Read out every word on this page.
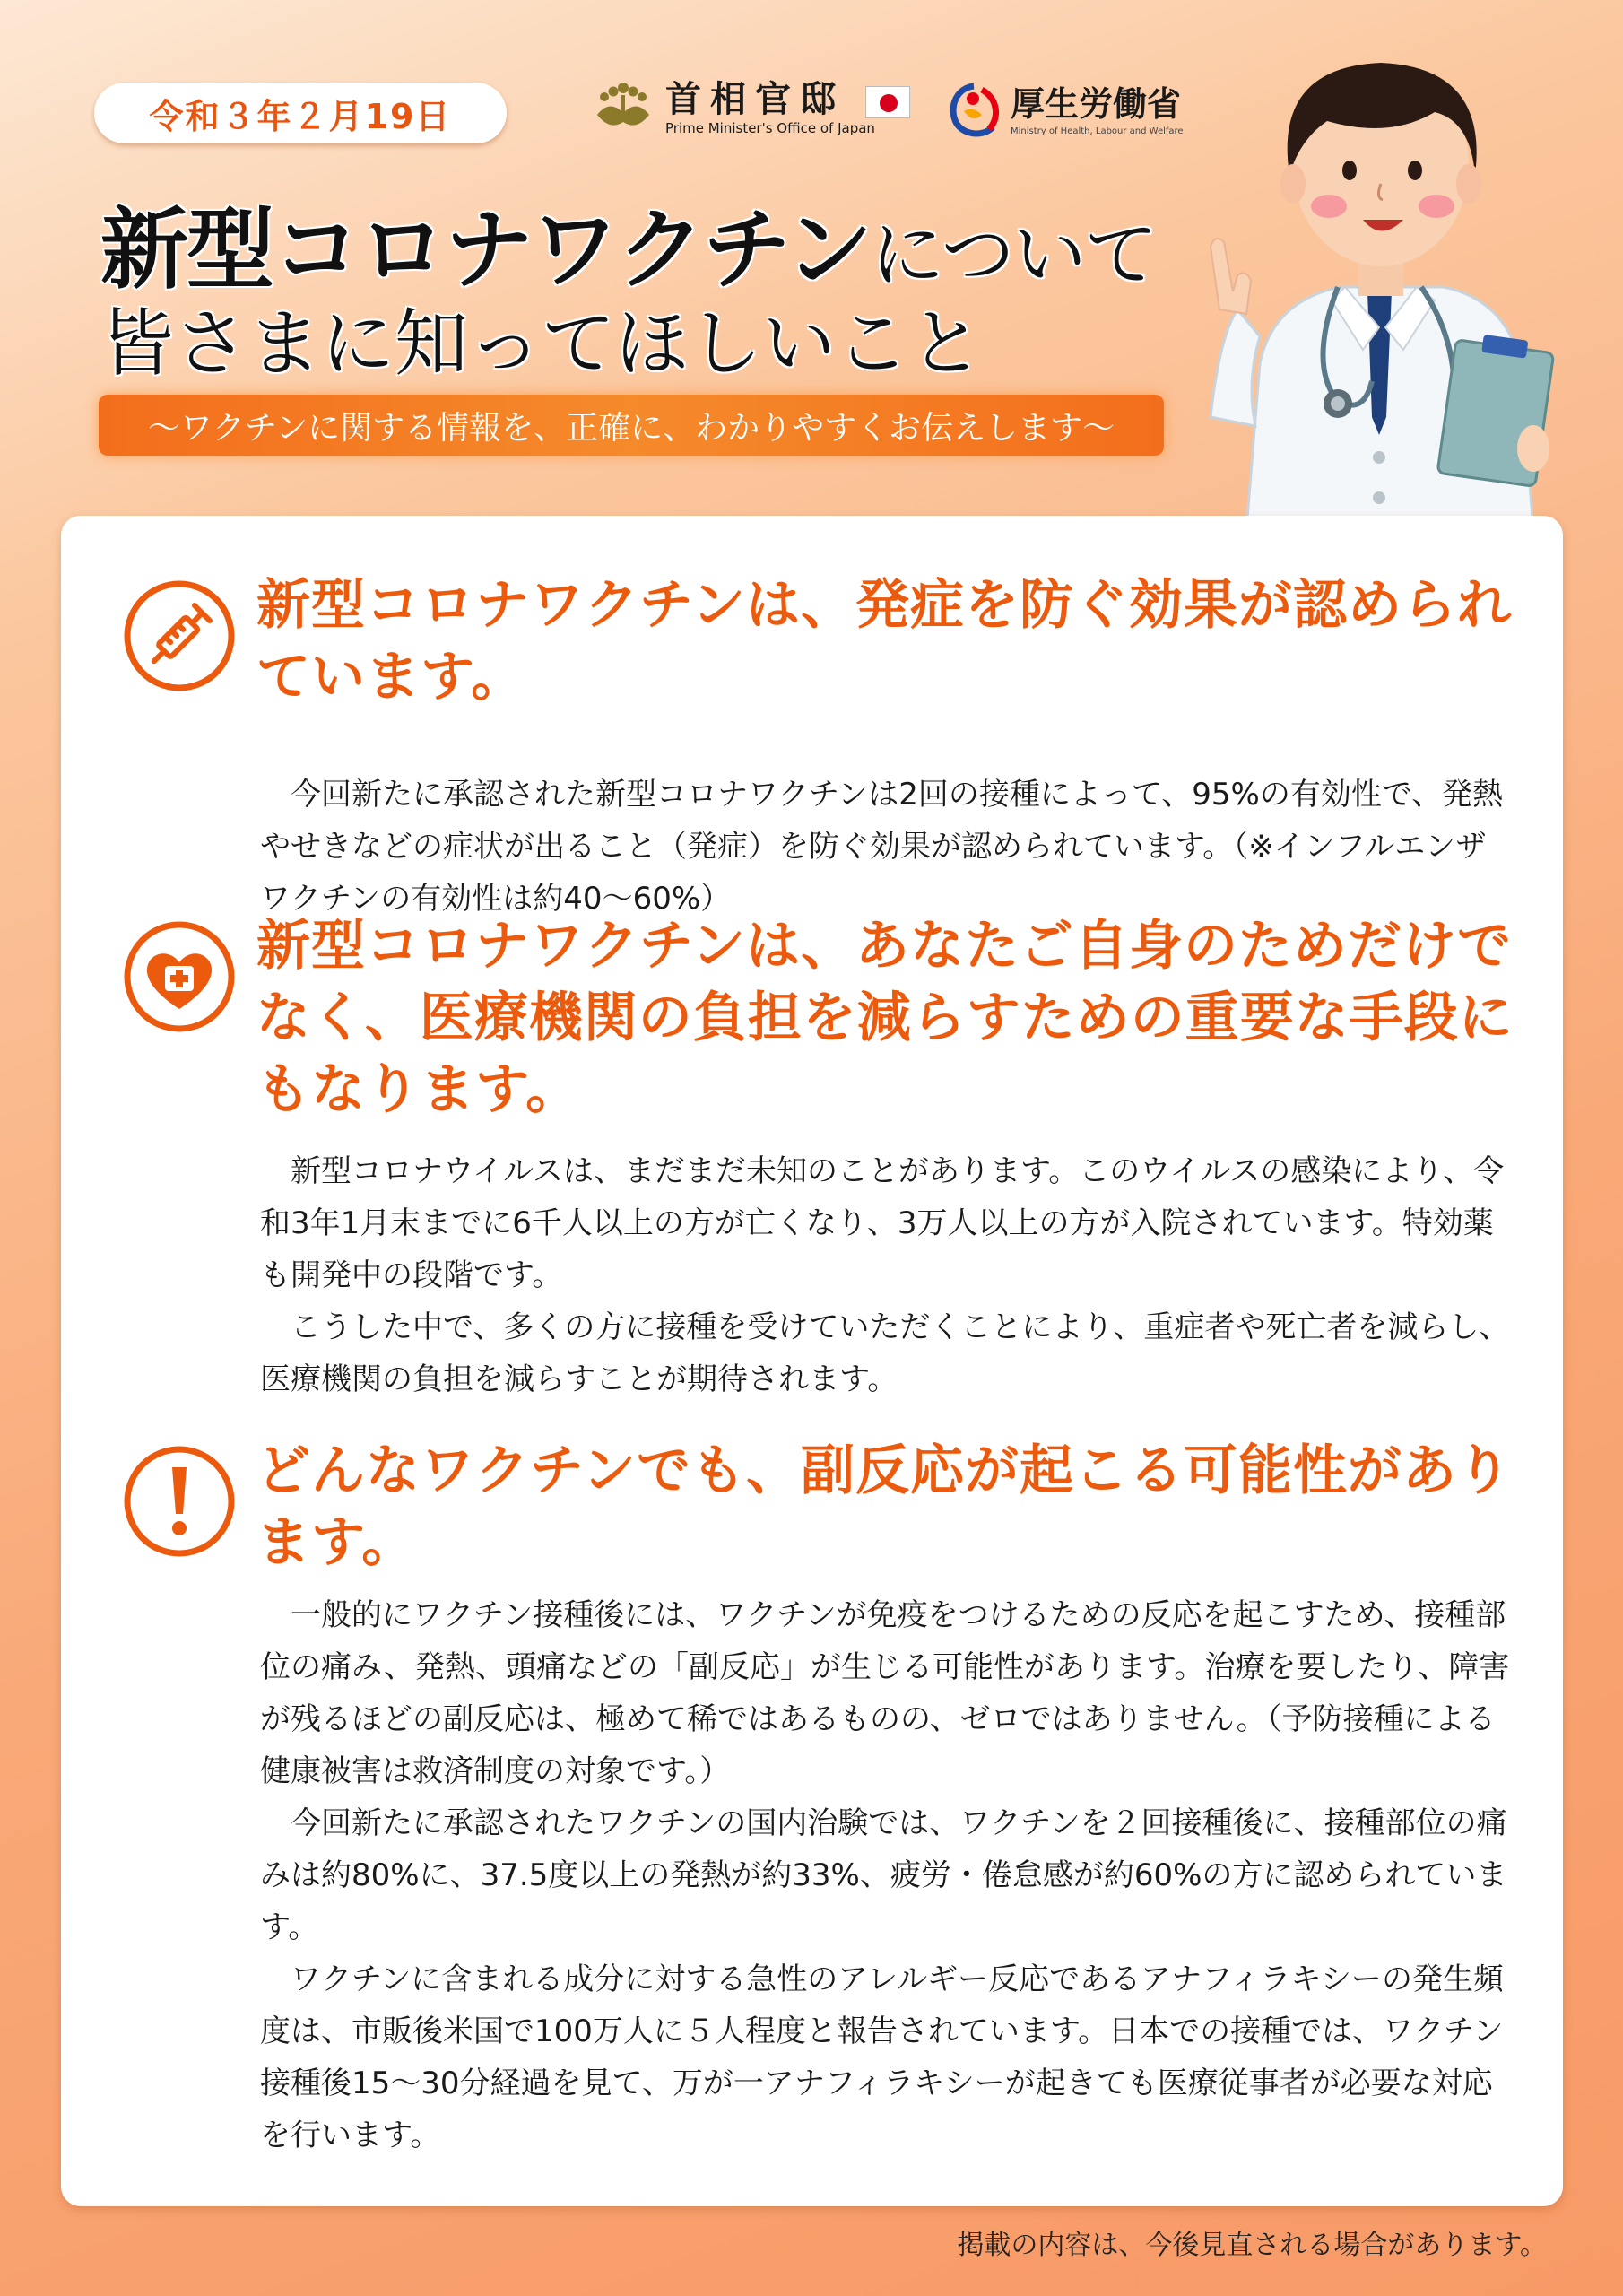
令和３年２月19日	首相官邸
Prime Minister's Office of Japan
厚生労働省
Ministry of Health, Labour and Welfare
新型コロナワクチンについて
皆さまに知ってほしいこと
〜ワクチンに関する情報を、正確に、わかりやすくお伝えします〜
新型コロナワクチンは、発症を防ぐ効果が認められています。

今回新たに承認された新型コロナワクチンは2回の接種によって、95%の有効性で、発熱やせきなどの症状が出ること（発症）を防ぐ効果が認められています。（※インフルエンザワクチンの有効性は約40〜60%）

新型コロナワクチンは、あなたご自身のためだけでなく、医療機関の負担を減らすための重要な手段にもなります。

新型コロナウイルスは、まだまだ未知のことがあります。このウイルスの感染により、令和3年1月末までに6千人以上の方が亡くなり、3万人以上の方が入院されています。特効薬も開発中の段階です。

こうした中で、多くの方に接種を受けていただくことにより、重症者や死亡者を減らし、医療機関の負担を減らすことが期待されます。

どんなワクチンでも、副反応が起こる可能性があります。

一般的にワクチン接種後には、ワクチンが免疫をつけるための反応を起こすため、接種部位の痛み、発熱、頭痛などの「副反応」が生じる可能性があります。治療を要したり、障害が残るほどの副反応は、極めて稀ではあるものの、ゼロではありません。（予防接種による健康被害は救済制度の対象です。）

今回新たに承認されたワクチンの国内治験では、ワクチンを２回接種後に、接種部位の痛みは約80%に、37.5度以上の発熱が約33%、疲労・倦怠感が約60%の方に認められています。

ワクチンに含まれる成分に対する急性のアレルギー反応であるアナフィラキシーの発生頻度は、市販後米国で100万人に５人程度と報告されています。日本での接種では、ワクチン接種後15〜30分経過を見て、万が一アナフィラキシーが起きても医療従事者が必要な対応を行います。

掲載の内容は、今後見直される場合があります。
